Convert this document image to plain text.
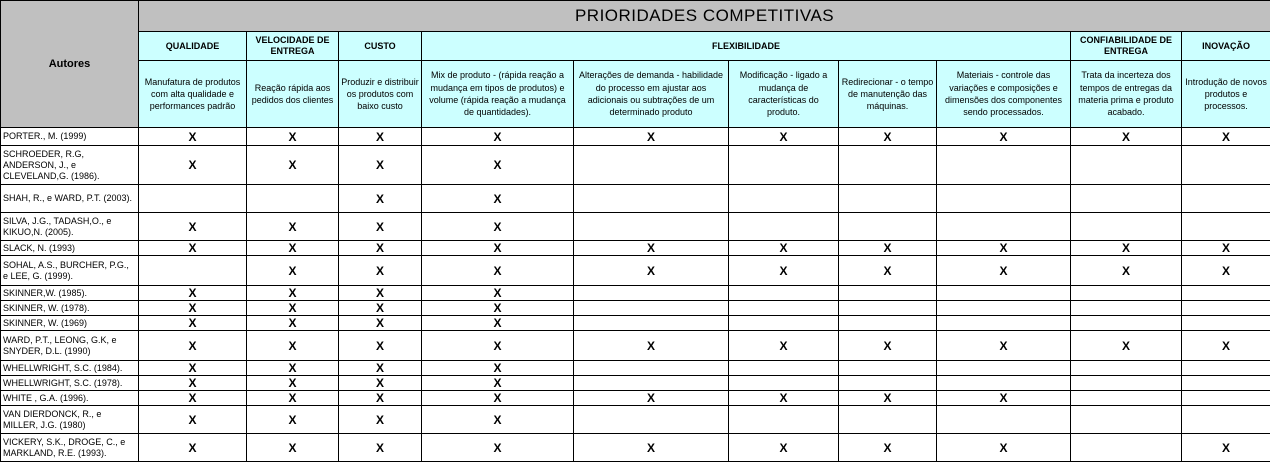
Autores	PRIORIDADES COMPETITIVAS									
	QUALIDADE	VELOCIDADE DE ENTREGA	CUSTO	FLEXIBILIDADE					CONFIABILIDADE DE ENTREGA	INOVAÇÃO
	Manufatura de produtos com alta qualidade e performances padrão	Reação rápida aos pedidos dos clientes	Produzir e distribuir os produtos com baixo custo	Mix de produto - (rápida reação a mudança em tipos de produtos) e volume (rápida reação a mudança de quantidades).	Alterações de demanda - habilidade do processo em ajustar aos adicionais ou subtrações de um determinado produto	Modificação - ligado a mudança de características do produto.	Redirecionar - o tempo de manutenção das máquinas.	Materiais - controle das variações e composições e dimensões dos componentes sendo processados.	Trata da incerteza dos tempos de entregas da materia prima e produto acabado.	Introdução de novos produtos e processos.
PORTER., M. (1999)	X	X	X	X	X	X	X	X	X	X
SCHROEDER, R.G, ANDERSON, J., e CLEVELAND,G. (1986).	X	X	X	X						
SHAH, R., e WARD, P.T. (2003).			X	X						
SILVA, J.G., TADASH,O., e KIKUO,N. (2005).	X	X	X	X						
SLACK, N. (1993)	X	X	X	X	X	X	X	X	X	X
SOHAL, A.S., BURCHER, P.G., e LEE, G. (1999).		X	X	X	X	X	X	X	X	X
SKINNER,W. (1985).	X	X	X	X						
SKINNER, W. (1978).	X	X	X	X						
SKINNER, W. (1969)	X	X	X	X						
WARD, P.T., LEONG, G.K, e SNYDER, D.L. (1990)	X	X	X	X	X	X	X	X	X	X
WHELLWRIGHT, S.C. (1984).	X	X	X	X						
WHELLWRIGHT, S.C. (1978).	X	X	X	X						
WHITE , G.A. (1996).	X	X	X	X	X	X	X	X		
VAN DIERDONCK, R., e MILLER, J.G. (1980)	X	X	X	X						
VICKERY, S.K., DROGE, C., e MARKLAND, R.E. (1993).	X	X	X	X	X	X	X	X		X
